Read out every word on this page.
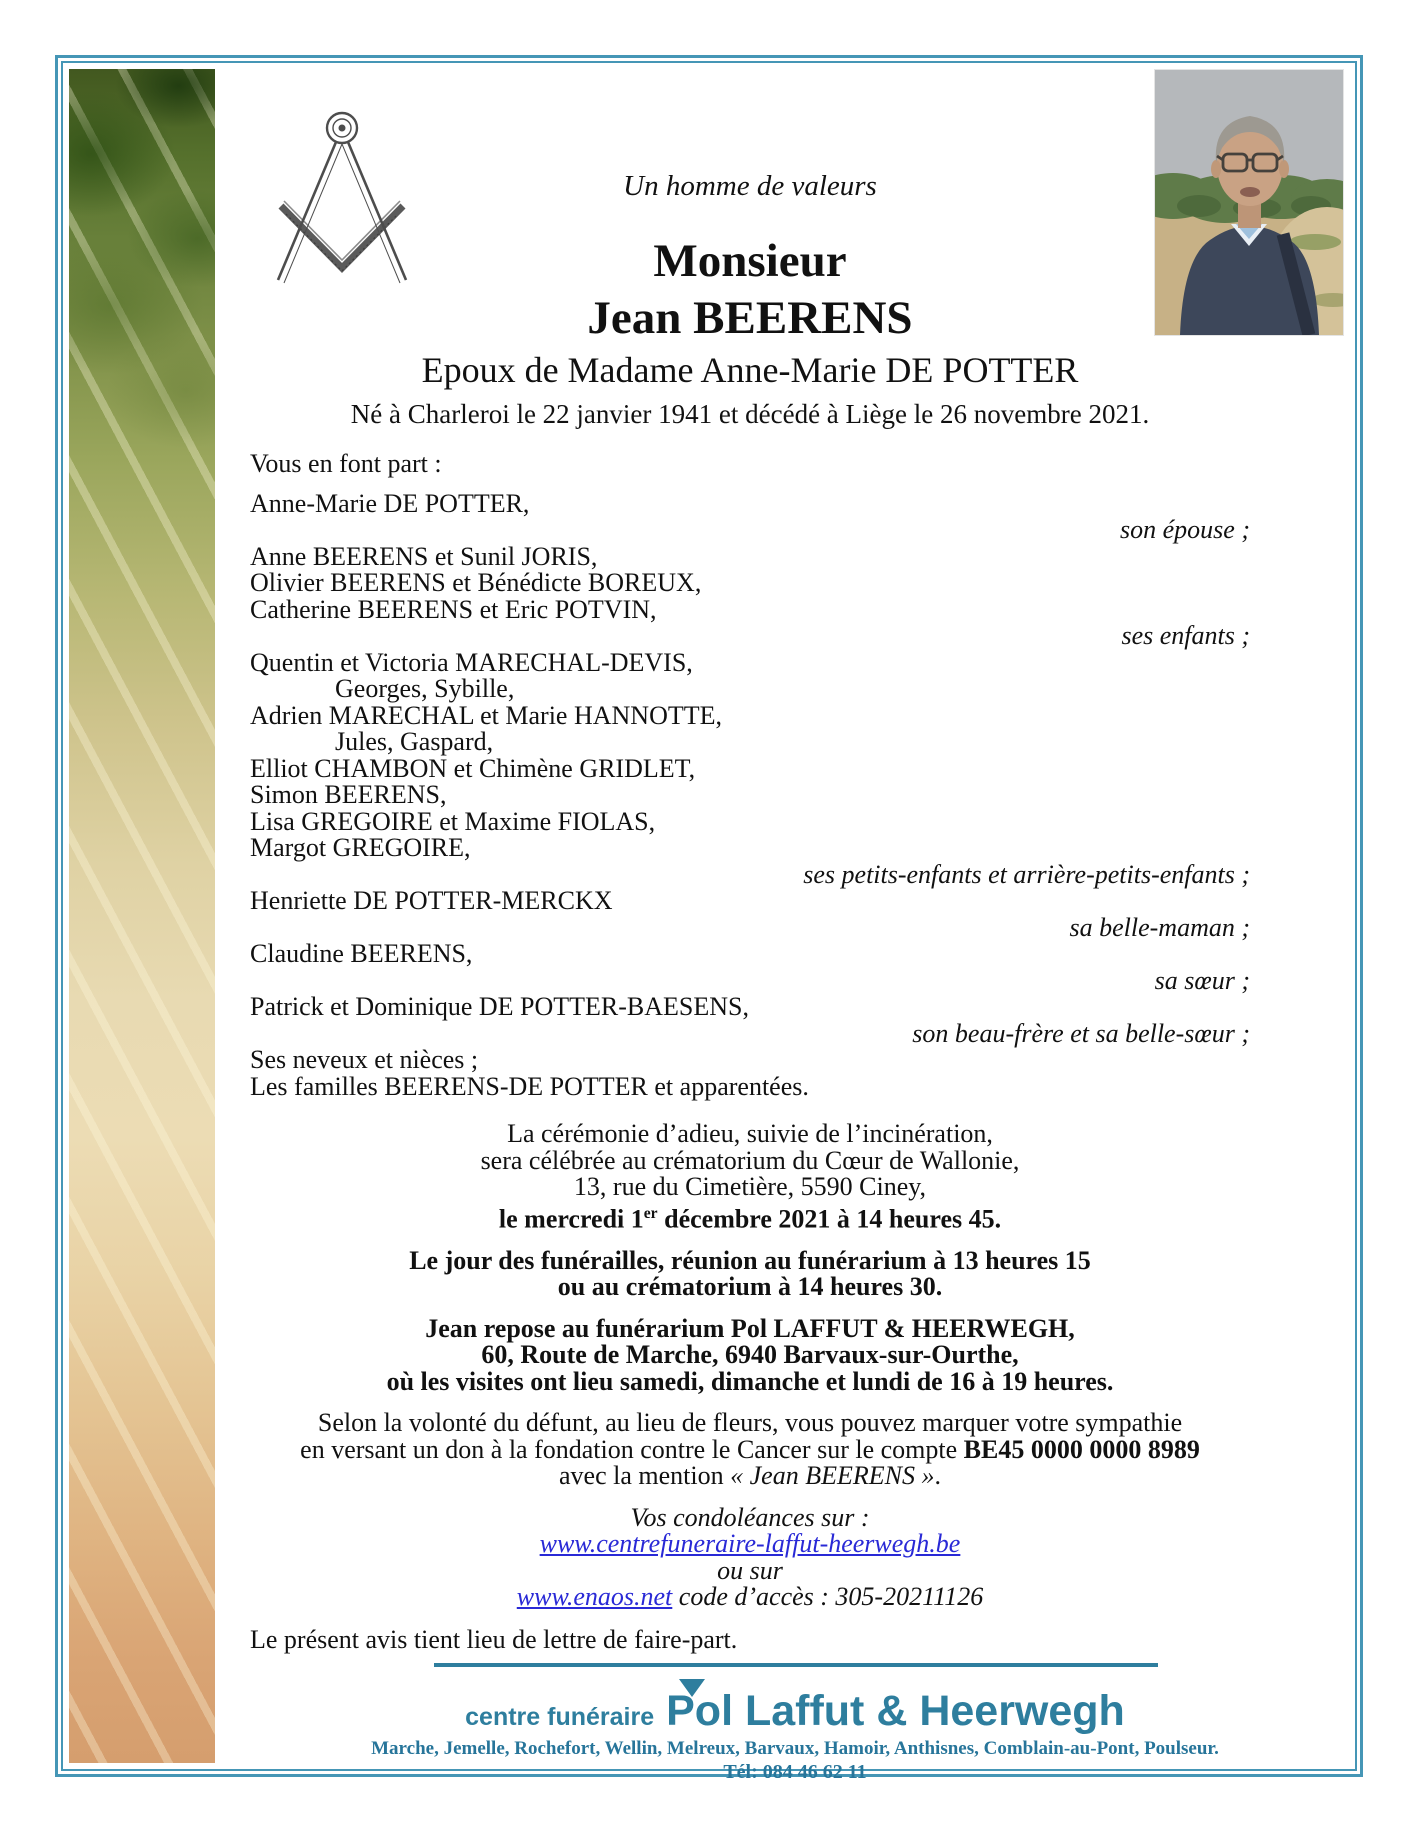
Un homme de valeurs

Monsieur

Jean BEERENS

Epoux de Madame Anne-Marie DE POTTER

Né à Charleroi le 22 janvier 1941 et décédé à Liège le 26 novembre 2021.

Vous en font part :

Anne-Marie DE POTTER,

son épouse ;

Anne BEERENS et Sunil JORIS,

Olivier BEERENS et Bénédicte BOREUX,

Catherine BEERENS et Eric POTVIN,

ses enfants ;

Quentin et Victoria MARECHAL-DEVIS,

Georges, Sybille,

Adrien MARECHAL et Marie HANNOTTE,

Jules, Gaspard,

Elliot CHAMBON et Chimène GRIDLET,

Simon BEERENS,

Lisa GREGOIRE et Maxime FIOLAS,

Margot GREGOIRE,

ses petits-enfants et arrière-petits-enfants ;

Henriette DE POTTER-MERCKX

sa belle-maman ;

Claudine BEERENS,

sa sœur ;

Patrick et Dominique DE POTTER-BAESENS,

son beau-frère et sa belle-sœur ;

Ses neveux et nièces ;

Les familles BEERENS-DE POTTER et apparentées.

La cérémonie d’adieu, suivie de l’incinération,

sera célébrée au crématorium du Cœur de Wallonie,

13, rue du Cimetière, 5590 Ciney,

le mercredi 1er décembre 2021 à 14 heures 45.

Le jour des funérailles, réunion au funérarium à 13 heures 15

ou au crématorium à 14 heures 30.

Jean repose au funérarium Pol LAFFUT & HEERWEGH,

60, Route de Marche, 6940 Barvaux-sur-Ourthe,

où les visites ont lieu samedi, dimanche et lundi de 16 à 19 heures.

Selon la volonté du défunt, au lieu de fleurs, vous pouvez marquer votre sympathie

en versant un don à la fondation contre le Cancer sur le compte BE45 0000 0000 8989

avec la mention « Jean BEERENS ».

Vos condoléances sur :

www.centrefuneraire-laffut-heerwegh.be

ou sur

www.enaos.net code d’accès : 305-20211126

Le présent avis tient lieu de lettre de faire-part.

centre funéraire Pol Laffut & Heerwegh
Marche, Jemelle, Rochefort, Wellin, Melreux, Barvaux, Hamoir, Anthisnes, Comblain-au-Pont, Poulseur.
Tél: 084 46 62 11
